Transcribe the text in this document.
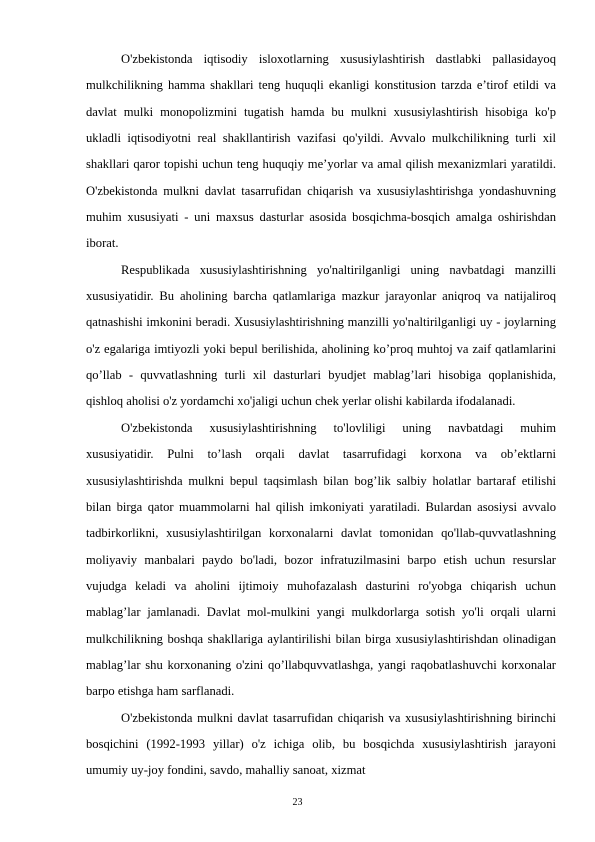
O'zbekistonda iqtisodiy isloxotlarning xususiylashtirish dastlabki pallasidayoq mulkchilikning hamma shakllari teng huquqli ekanligi konstitusion tarzda e’tirof etildi va davlat mulki monopolizmini tugatish hamda bu mulkni xususiylashtirish hisobiga ko'p ukladli iqtisodiyotni real shakllantirish vazifasi qo'yildi. Avvalo mulkchilikning turli xil shakllari qaror topishi uchun teng huquqiy me’yorlar va amal qilish mexanizmlari yaratildi. O'zbekistonda mulkni davlat tasarrufidan chiqarish va xususiylashtirishga yondashuvning muhim xususiyati - uni maxsus dasturlar asosida bosqichma-bosqich amalga oshirishdan iborat.

Respublikada xususiylashtirishning yo'naltirilganligi uning navbatdagi manzilli xususiyatidir. Bu aholining barcha qatlamlariga mazkur jarayonlar aniqroq va natijaliroq qatnashishi imkonini beradi. Xususiylashtirishning manzilli yo'naltirilganligi uy - joylarning o'z egalariga imtiyozli yoki bepul berilishida, aholining ko’proq muhtoj va zaif qatlamlarini qo’llab - quvvatlashning turli xil dasturlari byudjet mablag’lari hisobiga qoplanishida, qishloq aholisi o'z yordamchi xo'jaligi uchun chek yerlar olishi kabilarda ifodalanadi.

O'zbekistonda xususiylashtirishning to'lovliligi uning navbatdagi muhim xususiyatidir. Pulni to’lash orqali davlat tasarrufidagi korxona va ob’ektlarni xususiylashtirishda mulkni bepul taqsimlash bilan bog’lik salbiy holatlar bartaraf etilishi bilan birga qator muammolarni hal qilish imkoniyati yaratiladi. Bulardan asosiysi avvalo tadbirkorlikni, xususiylashtirilgan korxonalarni davlat tomonidan qo'llab-quvvatlashning moliyaviy manbalari paydo bo'ladi, bozor infratuzilmasini barpo etish uchun resurslar vujudga keladi va aholini ijtimoiy muhofazalash dasturini ro'yobga chiqarish uchun mablag’lar jamlanadi. Davlat mol-mulkini yangi mulkdorlarga sotish yo'li orqali ularni mulkchilikning boshqa shakllariga aylantirilishi bilan birga xususiylashtirishdan olinadigan mablag’lar shu korxonaning o'zini qo’llabquvvatlashga, yangi raqobatlashuvchi korxonalar barpo etishga ham sarflanadi.

O'zbekistonda mulkni davlat tasarrufidan chiqarish va xususiylashtirishning birinchi bosqichini (1992-1993 yillar) o'z ichiga olib, bu bosqichda xususiylashtirish jarayoni umumiy uy-joy fondini, savdo, mahalliy sanoat, xizmat

23
